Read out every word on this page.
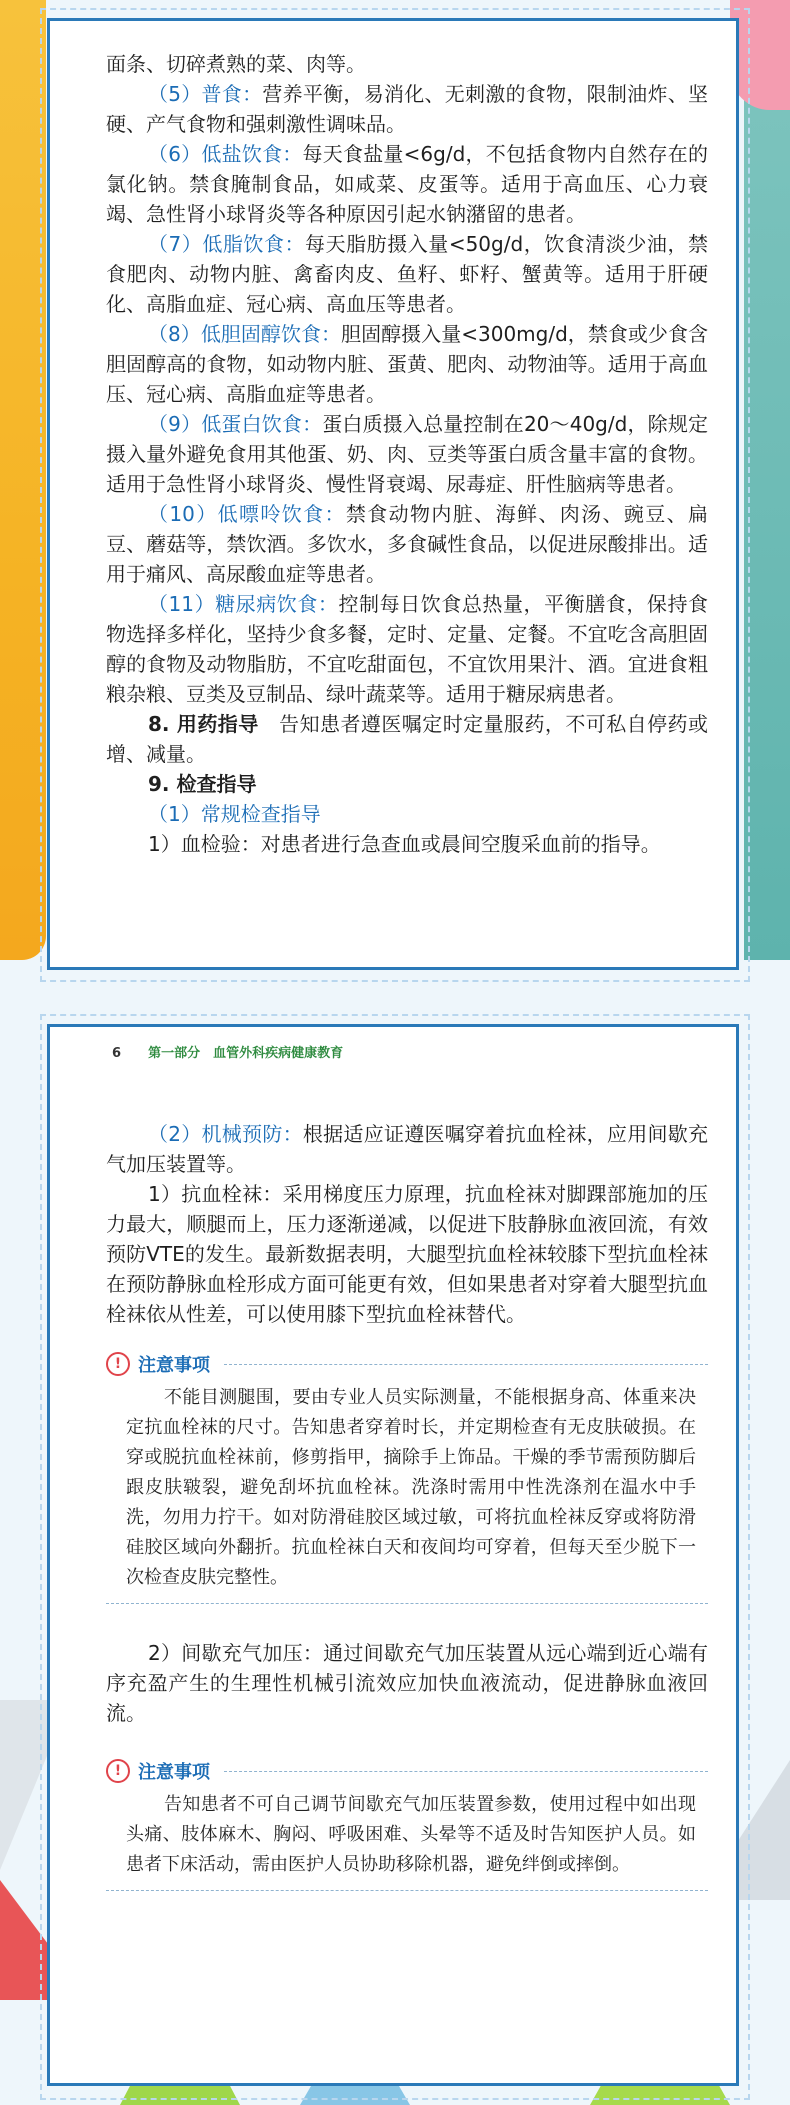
面条、切碎煮熟的菜、肉等。

（5）普食：营养平衡，易消化、无刺激的食物，限制油炸、坚硬、产气食物和强刺激性调味品。

（6）低盐饮食：每天食盐量<6g/d，不包括食物内自然存在的氯化钠。禁食腌制食品，如咸菜、皮蛋等。适用于高血压、心力衰竭、急性肾小球肾炎等各种原因引起水钠潴留的患者。

（7）低脂饮食：每天脂肪摄入量<50g/d，饮食清淡少油，禁食肥肉、动物内脏、禽畜肉皮、鱼籽、虾籽、蟹黄等。适用于肝硬化、高脂血症、冠心病、高血压等患者。

（8）低胆固醇饮食：胆固醇摄入量<300mg/d，禁食或少食含胆固醇高的食物，如动物内脏、蛋黄、肥肉、动物油等。适用于高血压、冠心病、高脂血症等患者。

（9）低蛋白饮食：蛋白质摄入总量控制在20～40g/d，除规定摄入量外避免食用其他蛋、奶、肉、豆类等蛋白质含量丰富的食物。适用于急性肾小球肾炎、慢性肾衰竭、尿毒症、肝性脑病等患者。

（10）低嘌呤饮食：禁食动物内脏、海鲜、肉汤、豌豆、扁豆、蘑菇等，禁饮酒。多饮水，多食碱性食品，以促进尿酸排出。适用于痛风、高尿酸血症等患者。

（11）糖尿病饮食：控制每日饮食总热量，平衡膳食，保持食物选择多样化，坚持少食多餐，定时、定量、定餐。不宜吃含高胆固醇的食物及动物脂肪，不宜吃甜面包，不宜饮用果汁、酒。宜进食粗粮杂粮、豆类及豆制品、绿叶蔬菜等。适用于糖尿病患者。

8. 用药指导　告知患者遵医嘱定时定量服药，不可私自停药或增、减量。

9. 检查指导

（1）常规检查指导

1）血检验：对患者进行急查血或晨间空腹采血前的指导。

6 第一部分　血管外科疾病健康教育

（2）机械预防：根据适应证遵医嘱穿着抗血栓袜，应用间歇充气加压装置等。

1）抗血栓袜：采用梯度压力原理，抗血栓袜对脚踝部施加的压力最大，顺腿而上，压力逐渐递减，以促进下肢静脉血液回流，有效预防VTE的发生。最新数据表明，大腿型抗血栓袜较膝下型抗血栓袜在预防静脉血栓形成方面可能更有效，但如果患者对穿着大腿型抗血栓袜依从性差，可以使用膝下型抗血栓袜替代。

! 注意事项
不能目测腿围，要由专业人员实际测量，不能根据身高、体重来决定抗血栓袜的尺寸。告知患者穿着时长，并定期检查有无皮肤破损。在穿或脱抗血栓袜前，修剪指甲，摘除手上饰品。干燥的季节需预防脚后跟皮肤皲裂，避免刮坏抗血栓袜。洗涤时需用中性洗涤剂在温水中手洗，勿用力拧干。如对防滑硅胶区域过敏，可将抗血栓袜反穿或将防滑硅胶区域向外翻折。抗血栓袜白天和夜间均可穿着，但每天至少脱下一次检查皮肤完整性。

2）间歇充气加压：通过间歇充气加压装置从远心端到近心端有序充盈产生的生理性机械引流效应加快血液流动，促进静脉血液回流。

! 注意事项
告知患者不可自己调节间歇充气加压装置参数，使用过程中如出现头痛、肢体麻木、胸闷、呼吸困难、头晕等不适及时告知医护人员。如患者下床活动，需由医护人员协助移除机器，避免绊倒或摔倒。
